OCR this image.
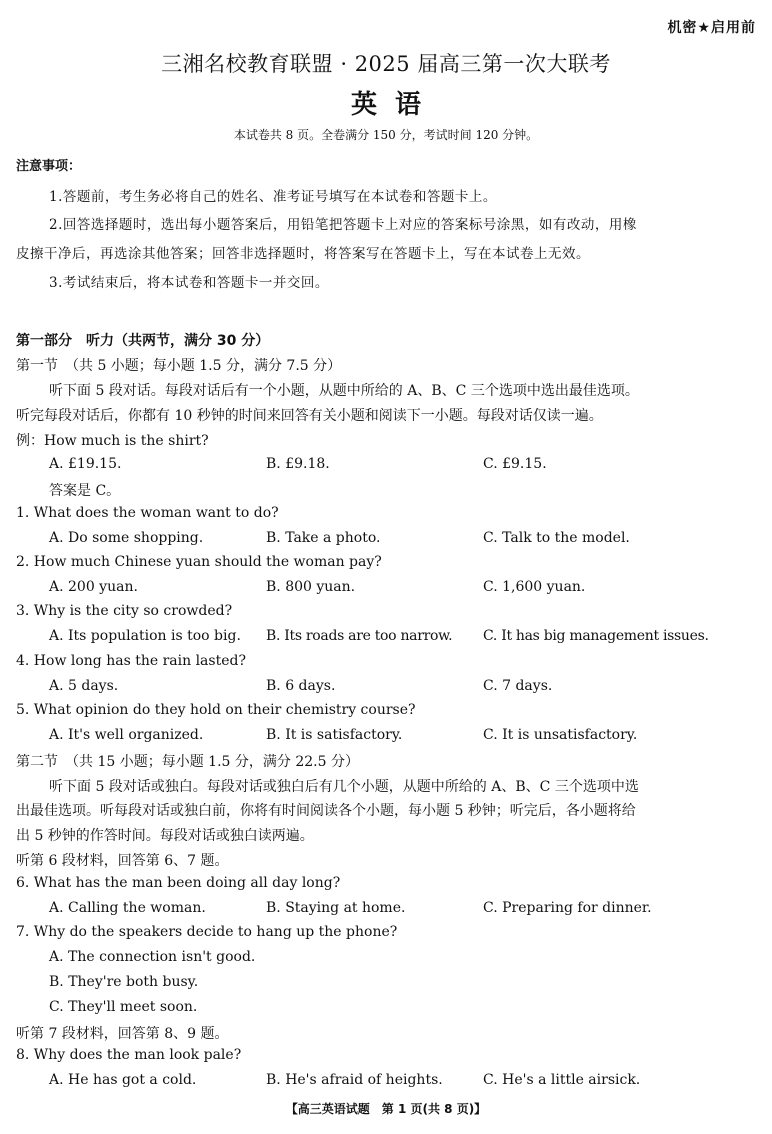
机密★启用前
三湘名校教育联盟 · 2025 届高三第一次大联考
英语
本试卷共 8 页。全卷满分 150 分，考试时间 120 分钟。
注意事项：
1.答题前，考生务必将自己的姓名、准考证号填写在本试卷和答题卡上。
2.回答选择题时，选出每小题答案后，用铅笔把答题卡上对应的答案标号涂黑，如有改动，用橡
皮擦干净后，再选涂其他答案；回答非选择题时，将答案写在答题卡上，写在本试卷上无效。
3.考试结束后，将本试卷和答题卡一并交回。
第一部分　听力（共两节，满分 30 分）
第一节　（共 5 小题；每小题 1.5 分，满分 7.5 分）
听下面 5 段对话。每段对话后有一个小题，从题中所给的 A、B、C 三个选项中选出最佳选项。
听完每段对话后，你都有 10 秒钟的时间来回答有关小题和阅读下一小题。每段对话仅读一遍。
例：How much is the shirt?
A. £19.15.	B. £9.18.	C. £9.15.
答案是 C。
1. What does the woman want to do?
A. Do some shopping.	B. Take a photo.	C. Talk to the model.
2. How much Chinese yuan should the woman pay?
A. 200 yuan.	B. 800 yuan.	C. 1,600 yuan.
3. Why is the city so crowded?
A. Its population is too big. B. Its roads are too narrow. C. It has big management issues.
4. How long has the rain lasted?
A. 5 days.	B. 6 days.	C. 7 days.
5. What opinion do they hold on their chemistry course?
A. It's well organized.	B. It is satisfactory.	C. It is unsatisfactory.
第二节　（共 15 小题；每小题 1.5 分，满分 22.5 分）
听下面 5 段对话或独白。每段对话或独白后有几个小题，从题中所给的 A、B、C 三个选项中选
出最佳选项。听每段对话或独白前，你将有时间阅读各个小题，每小题 5 秒钟；听完后，各小题将给
出 5 秒钟的作答时间。每段对话或独白读两遍。
听第 6 段材料，回答第 6、7 题。
6. What has the man been doing all day long?
A. Calling the woman.	B. Staying at home.	C. Preparing for dinner.
7. Why do the speakers decide to hang up the phone?
A. The connection isn't good.
B. They're both busy.
C. They'll meet soon.
听第 7 段材料，回答第 8、9 题。
8. Why does the man look pale?
A. He has got a cold.	B. He's afraid of heights.	C. He's a little airsick.
【高三英语试题　第 1 页(共 8 页)】
